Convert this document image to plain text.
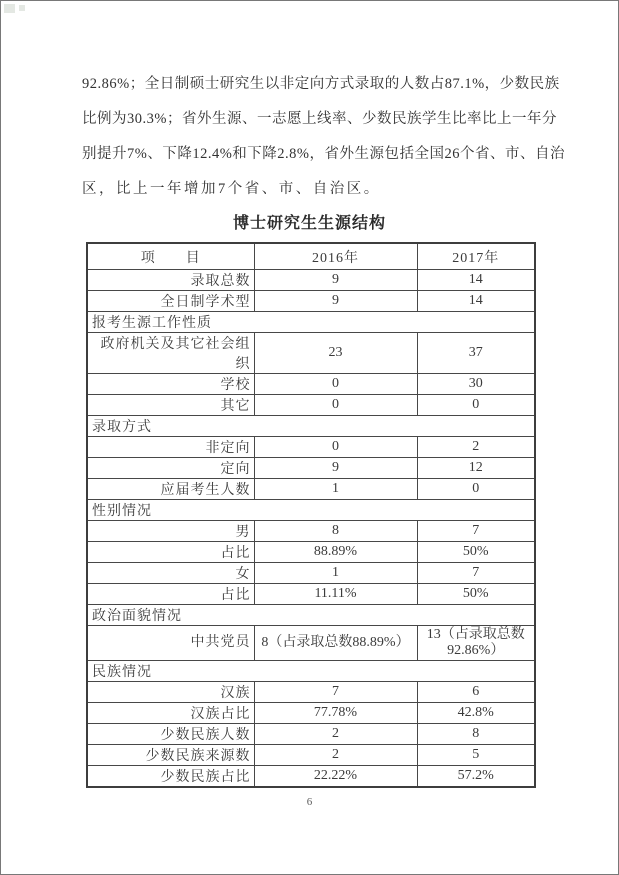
92.86%；全日制硕士研究生以非定向方式录取的人数占87.1%，少数民族
比例为30.3%；省外生源、一志愿上线率、少数民族学生比率比上一年分
别提升7%、下降12.4%和下降2.8%，省外生源包括全国26个省、市、自治
区，比上一年增加7个省、市、自治区。
博士研究生生源结构
项　　目	2016年	2017年
录取总数	9	14
全日制学术型	9	14
报考生源工作性质		
政府机关及其它社会组织	23	37
学校	0	30
其它	0	0
录取方式		
非定向	0	2
定向	9	12
应届考生人数	1	0
性别情况		
男	8	7
占比	88.89%	50%
女	1	7
占比	11.11%	50%
政治面貌情况		
中共党员	8（占录取总数88.89%）	13（占录取总数92.86%）
民族情况		
汉族	7	6
汉族占比	77.78%	42.8%
少数民族人数	2	8
少数民族来源数	2	5
少数民族占比	22.22%	57.2%
6
